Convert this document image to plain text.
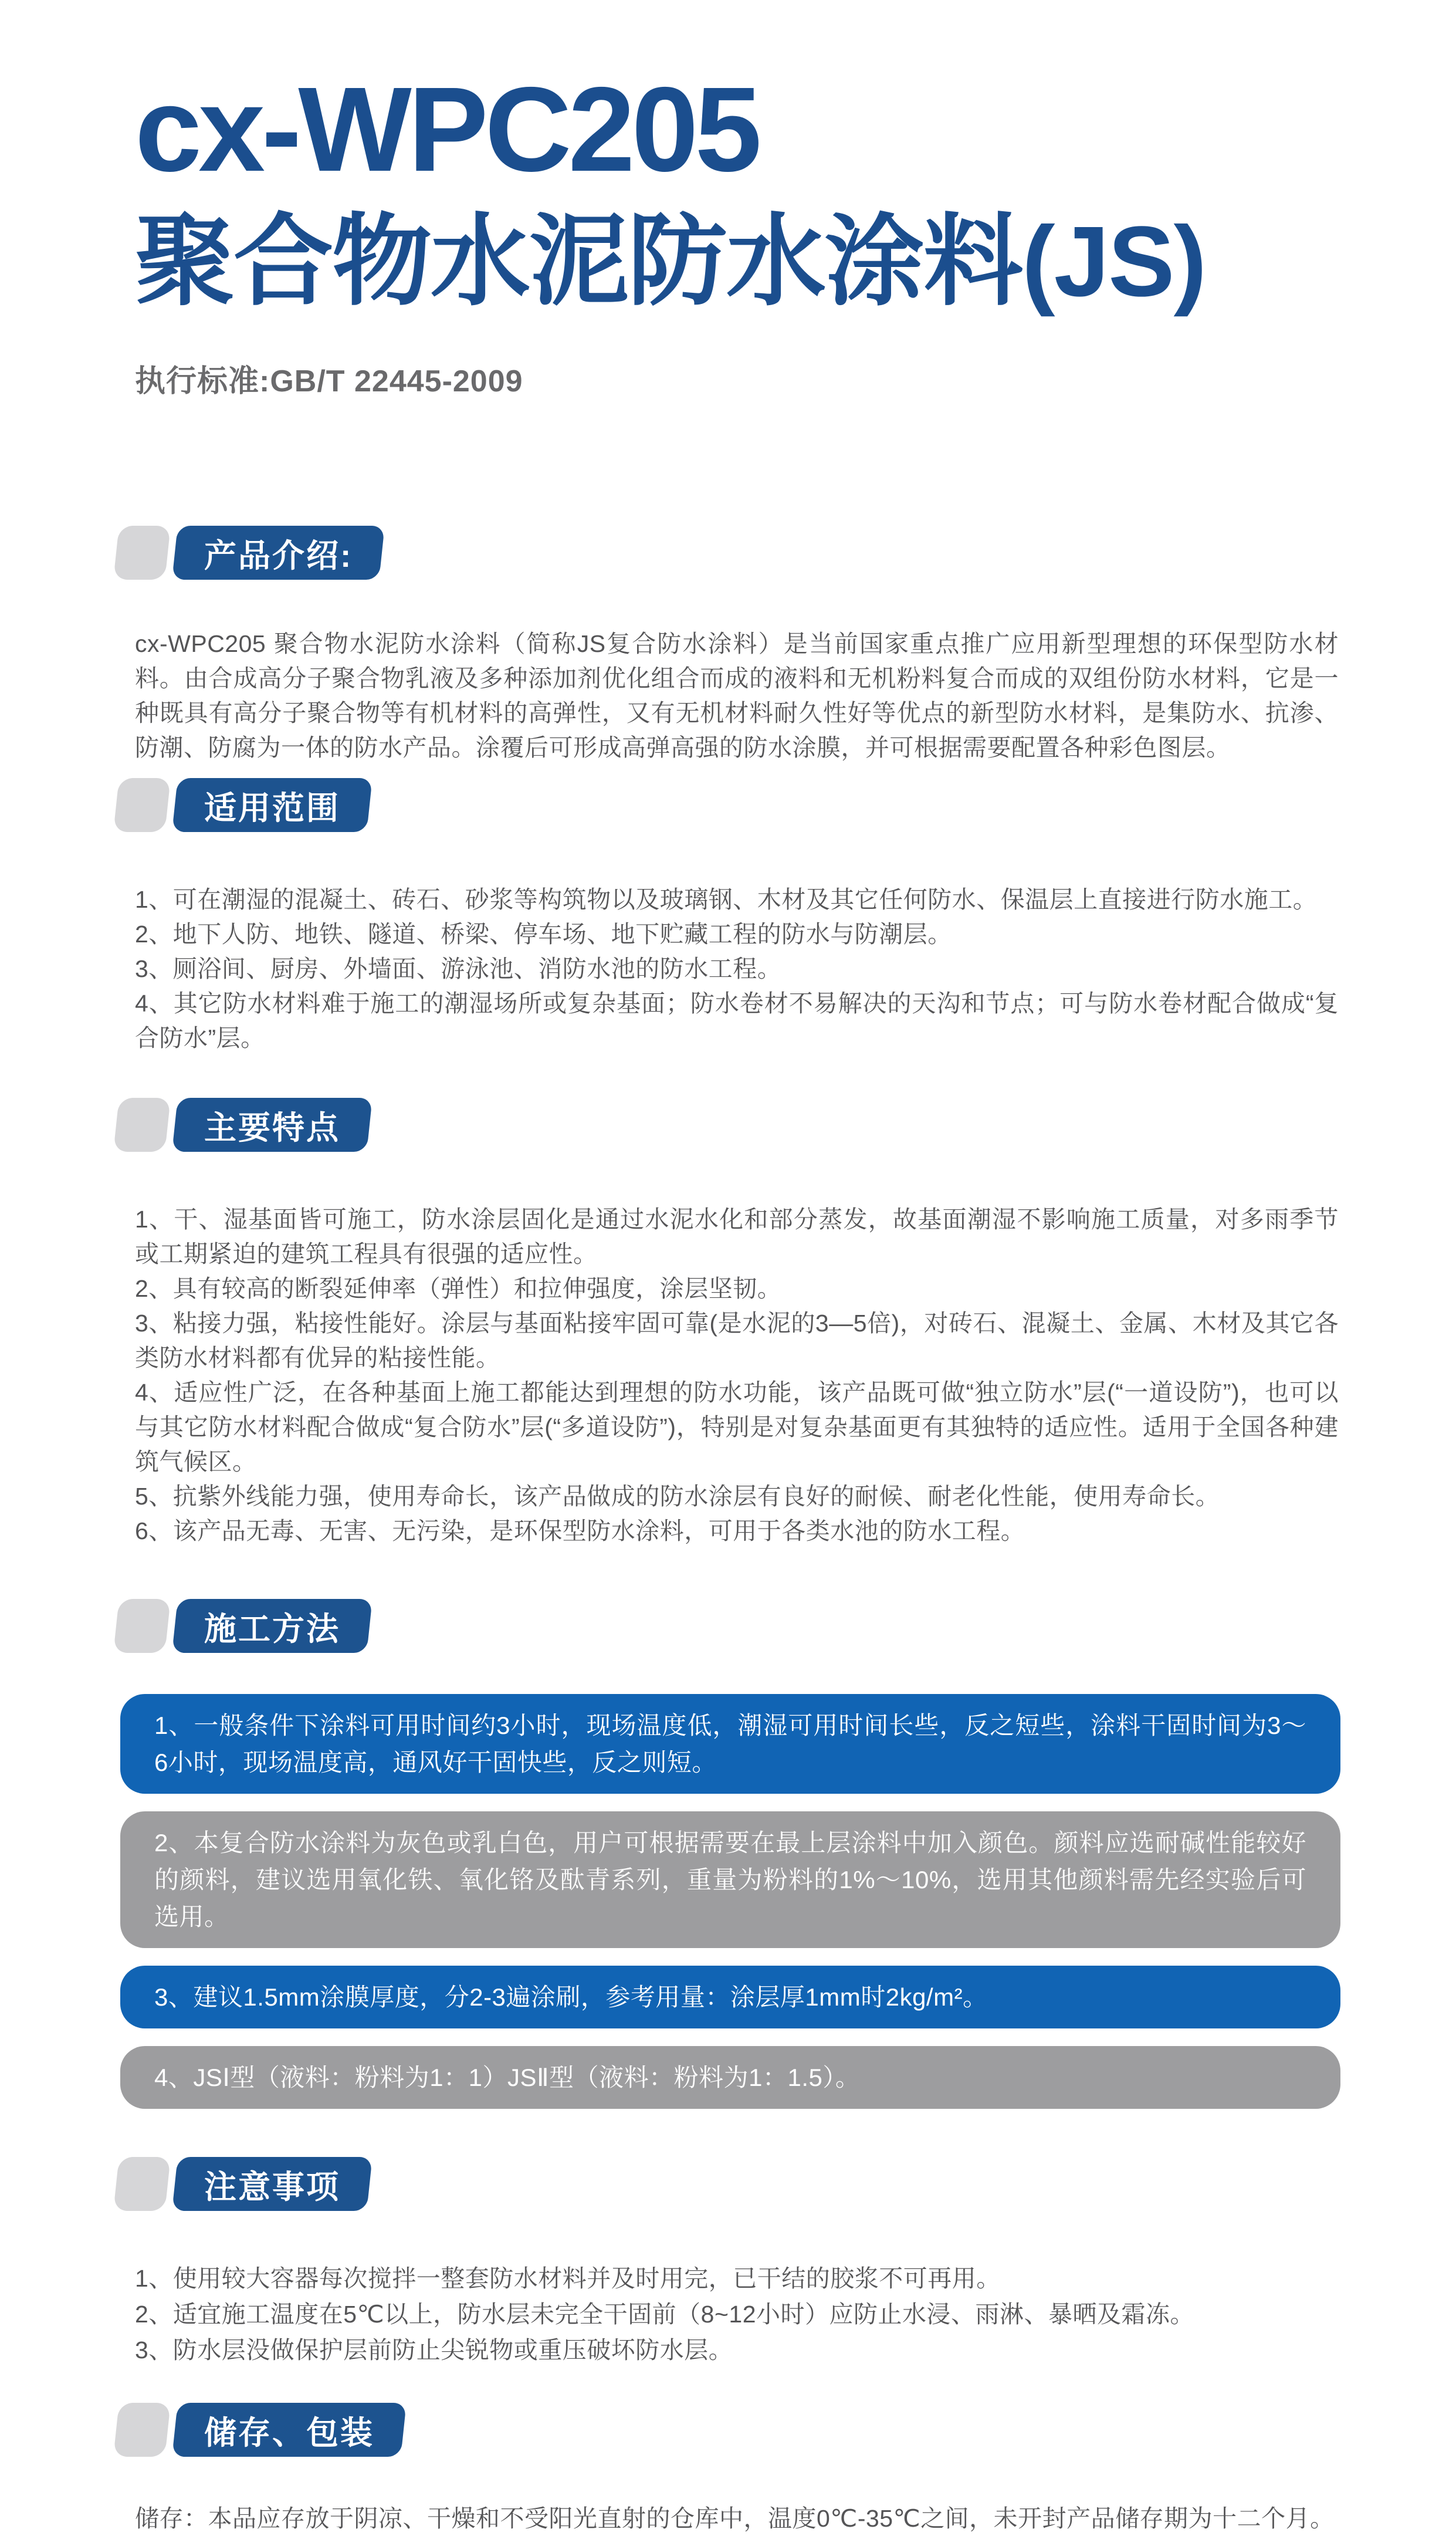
cx-WPC205
聚合物水泥防水涂料(JS)
执行标准:GB/T 22445-2009
产品介绍:

cx-WPC205 聚合物水泥防水涂料（简称JS复合防水涂料）是当前国家重点推广应用新型理想的环保型防水材料。由合成高分子聚合物乳液及多种添加剂优化组合而成的液料和无机粉料复合而成的双组份防水材料，它是一种既具有高分子聚合物等有机材料的高弹性，又有无机材料耐久性好等优点的新型防水材料，是集防水、抗渗、防潮、防腐为一体的防水产品。涂覆后可形成高弹高强的防水涂膜，并可根据需要配置各种彩色图层。

适用范围

1、可在潮湿的混凝土、砖石、砂浆等构筑物以及玻璃钢、木材及其它任何防水、保温层上直接进行防水施工。

2、地下人防、地铁、隧道、桥梁、停车场、地下贮藏工程的防水与防潮层。

3、厕浴间、厨房、外墙面、游泳池、消防水池的防水工程。

4、其它防水材料难于施工的潮湿场所或复杂基面；防水卷材不易解决的天沟和节点；可与防水卷材配合做成“复合防水”层。

主要特点

1、干、湿基面皆可施工，防水涂层固化是通过水泥水化和部分蒸发，故基面潮湿不影响施工质量，对多雨季节或工期紧迫的建筑工程具有很强的适应性。

2、具有较高的断裂延伸率（弹性）和拉伸强度，涂层坚韧。

3、粘接力强，粘接性能好。涂层与基面粘接牢固可靠(是水泥的3—5倍)，对砖石、混凝土、金属、木材及其它各类防水材料都有优异的粘接性能。

4、适应性广泛，在各种基面上施工都能达到理想的防水功能，该产品既可做“独立防水”层(“一道设防”)，也可以与其它防水材料配合做成“复合防水”层(“多道设防”)，特别是对复杂基面更有其独特的适应性。适用于全国各种建筑气候区。

5、抗紫外线能力强，使用寿命长，该产品做成的防水涂层有良好的耐候、耐老化性能，使用寿命长。

6、该产品无毒、无害、无污染，是环保型防水涂料，可用于各类水池的防水工程。

施工方法
1、一般条件下涂料可用时间约3小时，现场温度低，潮湿可用时间长些，反之短些，涂料干固时间为3～6小时，现场温度高，通风好干固快些，反之则短。
2、本复合防水涂料为灰色或乳白色，用户可根据需要在最上层涂料中加入颜色。颜料应选耐碱性能较好的颜料，建议选用氧化铁、氧化铬及酞青系列，重量为粉料的1%～10%，选用其他颜料需先经实验后可选用。
3、建议1.5mm涂膜厚度，分2-3遍涂刷，参考用量：涂层厚1mm时2kg/m²。
4、JSⅠ型（液料：粉料为1：1）JSⅡ型（液料：粉料为1：1.5）。
注意事项

1、使用较大容器每次搅拌一整套防水材料并及时用完，已干结的胶浆不可再用。

2、适宜施工温度在5℃以上，防水层未完全干固前（8~12小时）应防止水浸、雨淋、暴晒及霜冻。

3、防水层没做保护层前防止尖锐物或重压破坏防水层。

储存、包装

储存：本品应存放于阴凉、干燥和不受阳光直射的仓库中，温度0℃-35℃之间，未开封产品储存期为十二个月。
